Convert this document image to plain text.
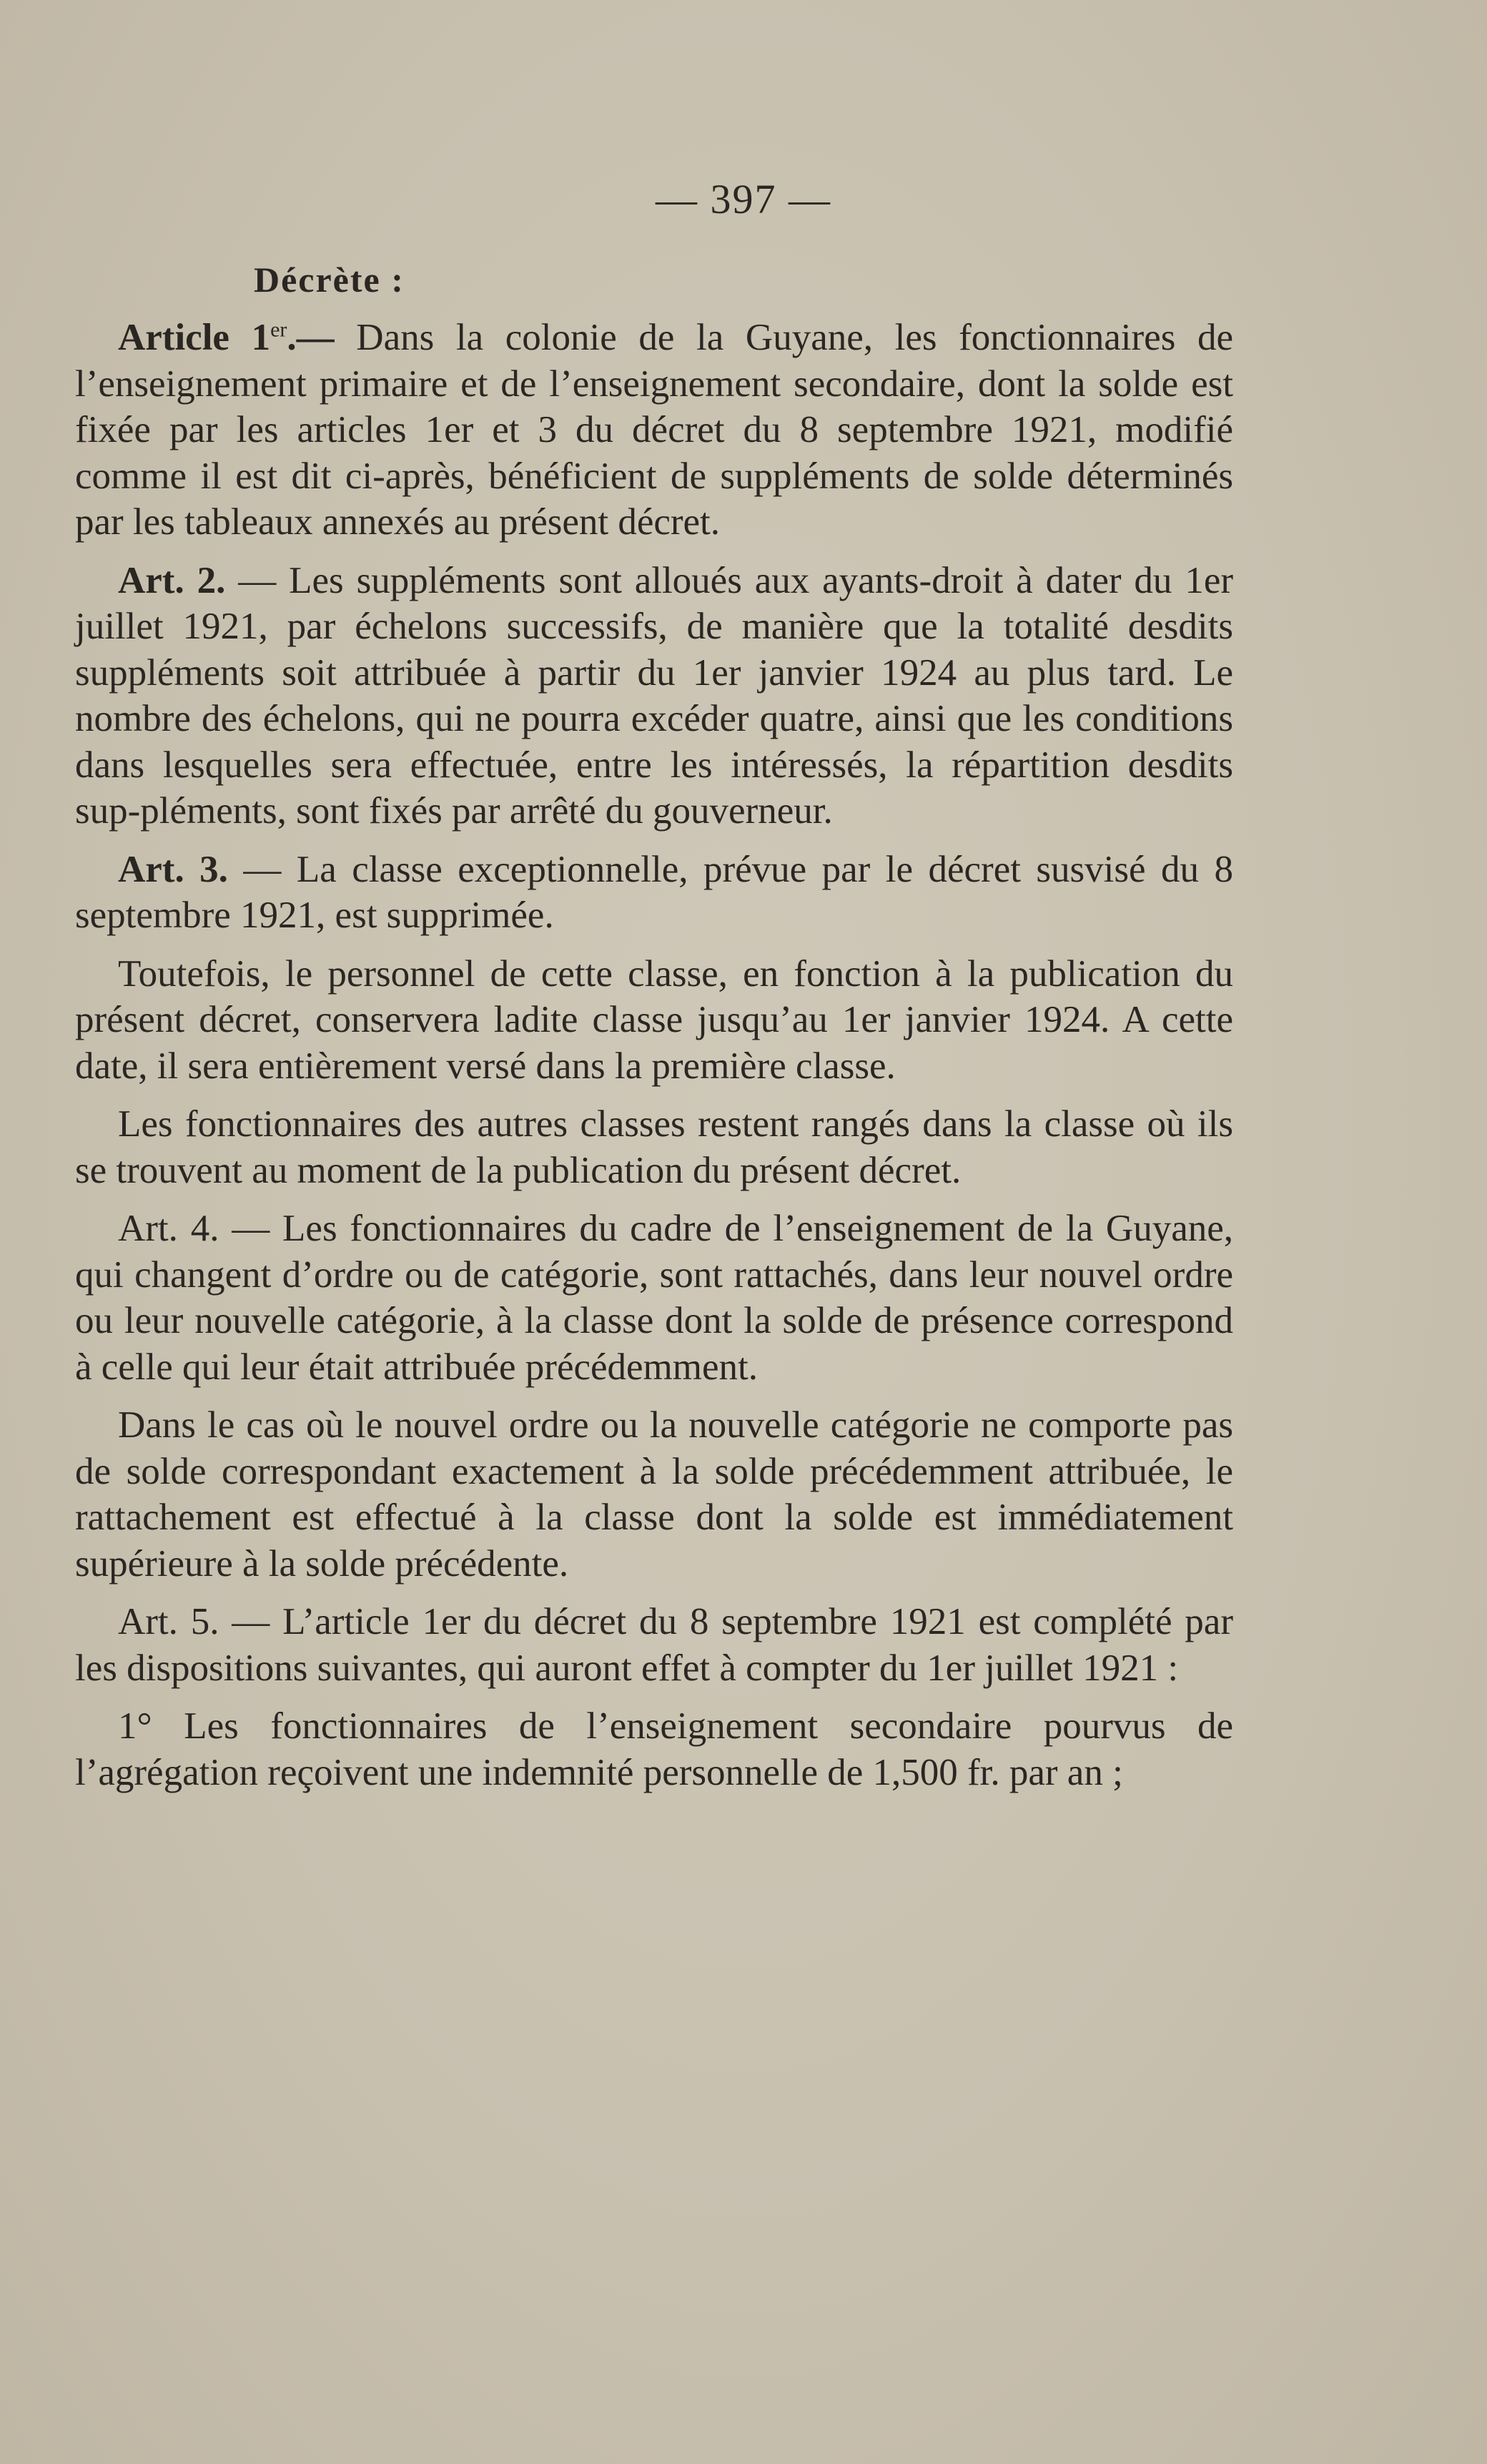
— 397 —
Décrète :

Article 1er.— Dans la colonie de la Guyane, les fonctionnaires de l’enseignement primaire et de l’enseignement secondaire, dont la solde est fixée par les articles 1er et 3 du décret du 8 septembre 1921, modifié comme il est dit ci-après, bénéficient de suppléments de solde déterminés par les tableaux annexés au présent décret.

Art. 2. — Les suppléments sont alloués aux ayants-droit à dater du 1er juillet 1921, par échelons successifs, de manière que la totalité desdits suppléments soit attribuée à partir du 1er janvier 1924 au plus tard. Le nombre des échelons, qui ne pourra excéder quatre, ainsi que les conditions dans lesquelles sera effectuée, entre les intéressés, la répartition desdits sup-pléments, sont fixés par arrêté du gouverneur.

Art. 3. — La classe exceptionnelle, prévue par le décret susvisé du 8 septembre 1921, est supprimée.

Toutefois, le personnel de cette classe, en fonction à la publication du présent décret, conservera ladite classe jusqu’au 1er janvier 1924. A cette date, il sera entièrement versé dans la première classe.

Les fonctionnaires des autres classes restent rangés dans la classe où ils se trouvent au moment de la publication du présent décret.

Art. 4. — Les fonctionnaires du cadre de l’enseignement de la Guyane, qui changent d’ordre ou de catégorie, sont rattachés, dans leur nouvel ordre ou leur nouvelle catégorie, à la classe dont la solde de présence correspond à celle qui leur était attribuée précédemment.

Dans le cas où le nouvel ordre ou la nouvelle catégorie ne comporte pas de solde correspondant exactement à la solde précédemment attribuée, le rattachement est effectué à la classe dont la solde est immédiatement supérieure à la solde précédente.

Art. 5. — L’article 1er du décret du 8 septembre 1921 est complété par les dispositions suivantes, qui auront effet à compter du 1er juillet 1921 :

1° Les fonctionnaires de l’enseignement secondaire pourvus de l’agrégation reçoivent une indemnité personnelle de 1,500 fr. par an ;
